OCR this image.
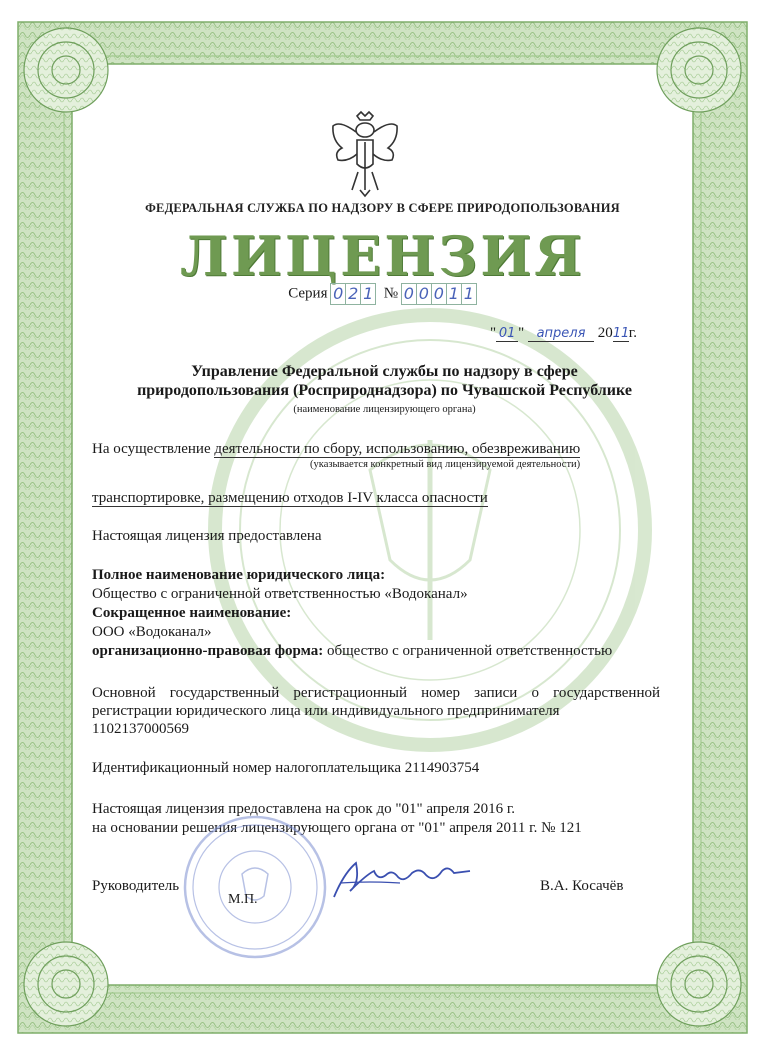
ФЕДЕРАЛЬНАЯ СЛУЖБА ПО НАДЗОРУ В СФЕРЕ ПРИРОДОПОЛЬЗОВАНИЯ
ЛИЦЕНЗИЯ
Серия 0 2 1 № 0 0 0 1 1
" 01 " апреля 2011г.
Управление Федеральной службы по надзору в сфере
природопользования (Росприроднадзора) по Чувашской Республике
(наименование лицензирующего органа)
На осуществление деятельности по сбору, использованию, обезвреживанию
(указывается конкретный вид лицензируемой деятельности)
транспортировке, размещению отходов I-IV класса опасности
Настоящая лицензия предоставлена
Полное наименование юридического лица:
Общество с ограниченной ответственностью «Водоканал»
Сокращенное наименование:
ООО «Водоканал»
организационно-правовая форма: общество с ограниченной ответственностью
Основной государственный регистрационный номер записи о государственной регистрации юридического лица или индивидуального предпринимателя
1102137000569
Идентификационный номер налогоплательщика 2114903754
Настоящая лицензия предоставлена на срок до "01" апреля 2016 г.
на основании решения лицензирующего органа от "01" апреля 2011 г. № 121
Руководитель
М.П.
В.А. Косачёв
